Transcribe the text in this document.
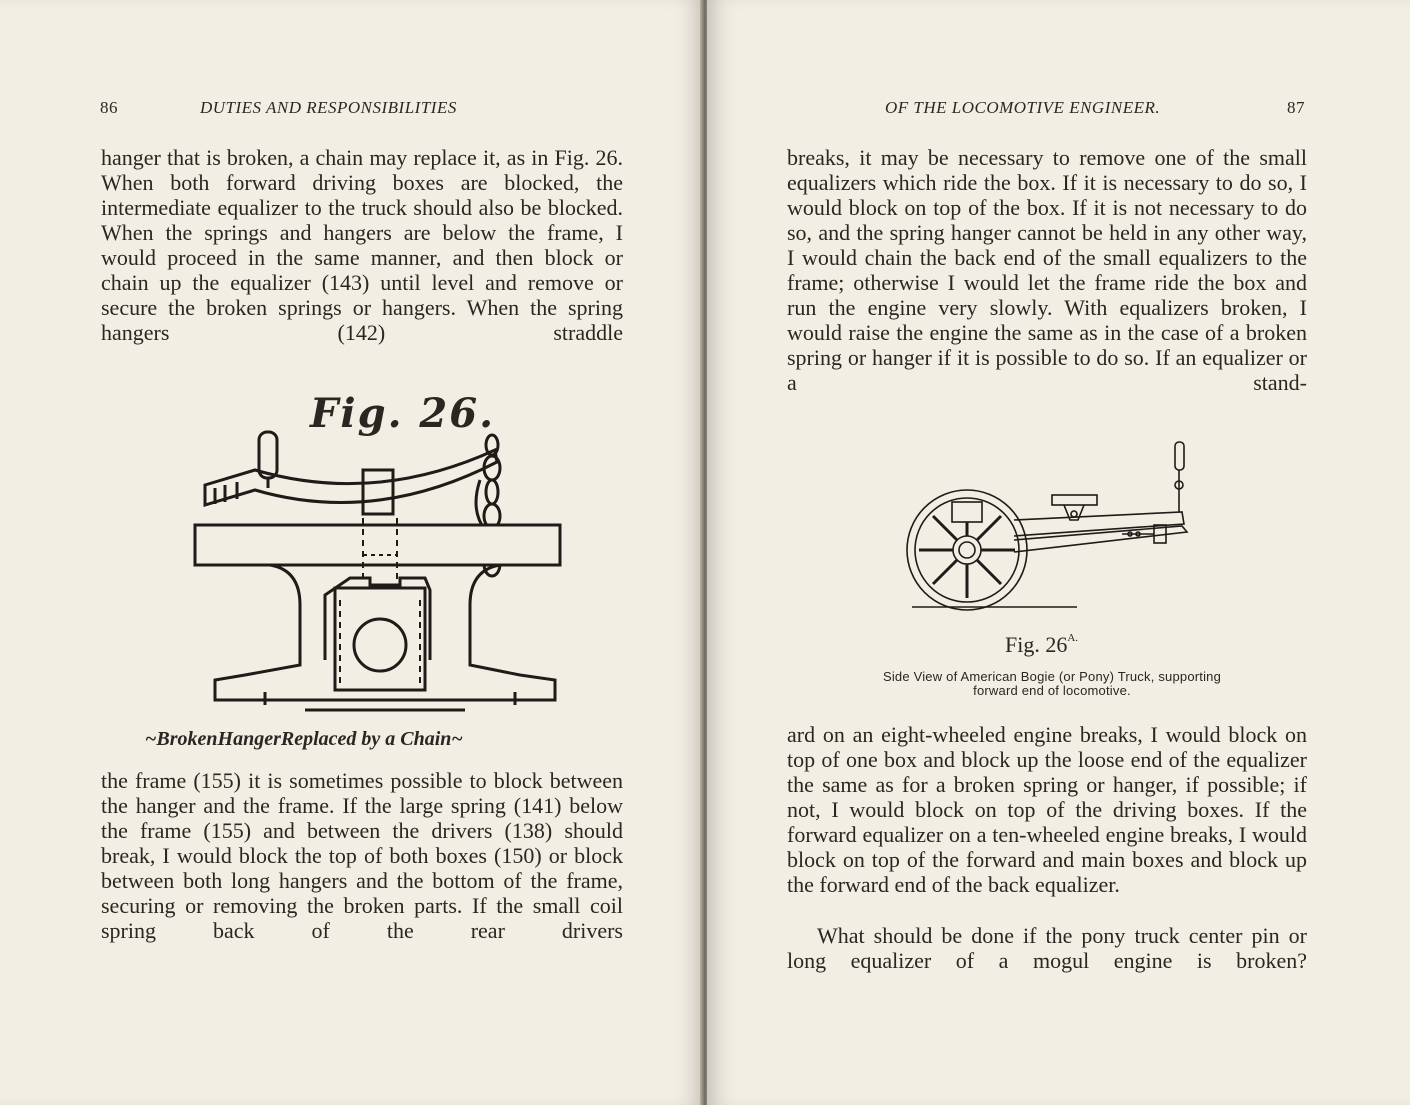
86	DUTIES AND RESPONSIBILITIES

hanger that is broken, a chain may replace it, as in Fig. 26. When both forward driving boxes are blocked, the intermediate equalizer to the truck should also be blocked. When the springs and hangers are below the frame, I would proceed in the same manner, and then block or chain up the equalizer (143) until level and remove or secure the broken springs or hangers. When the spring hangers (142) straddle

Fig. 26.
~BrokenHangerReplaced by a Chain~

the frame (155) it is sometimes possible to block between the hanger and the frame. If the large spring (141) below the frame (155) and between the drivers (138) should break, I would block the top of both boxes (150) or block between both long hangers and the bottom of the frame, securing or removing the broken parts. If the small coil spring back of the rear drivers

OF THE LOCOMOTIVE ENGINEER.	87

breaks, it may be necessary to remove one of the small equalizers which ride the box. If it is necessary to do so, I would block on top of the box. If it is not necessary to do so, and the spring hanger cannot be held in any other way, I would chain the back end of the small equalizers to the frame; otherwise I would let the frame ride the box and run the engine very slowly. With equalizers broken, I would raise the engine the same as in the case of a broken spring or hanger if it is possible to do so. If an equalizer or a stand-

Fig. $26^{A.}$
Side View of American Bogie (or Pony) Truck, supporting
forward end of locomotive.

ard on an eight-wheeled engine breaks, I would block on top of one box and block up the loose end of the equalizer the same as for a broken spring or hanger, if possible; if not, I would block on top of the driving boxes. If the forward equalizer on a ten-wheeled engine breaks, I would block on top of the forward and main boxes and block up the forward end of the back equalizer.

What should be done if the pony truck center pin or long equalizer of a mogul engine is broken?
